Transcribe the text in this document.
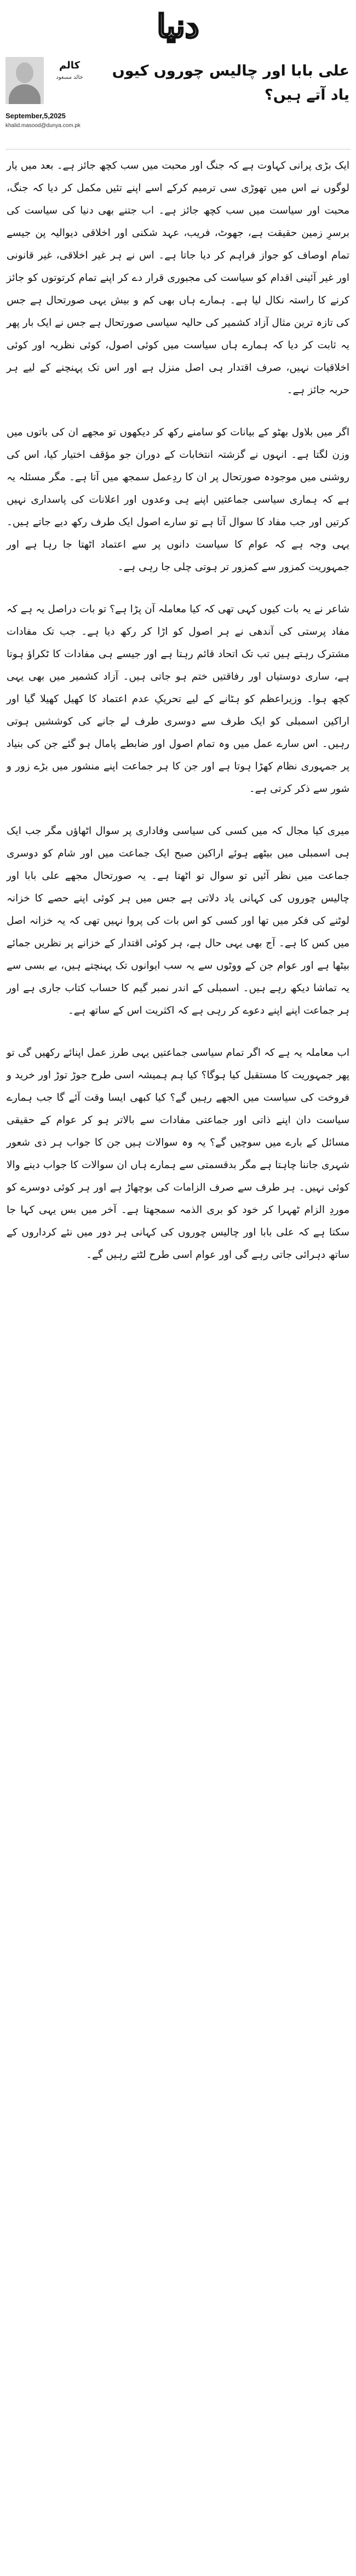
دنیا
کالم
خالد مسعود
September,5,2025
khalid.masood@dunya.com.pk
علی بابا اور چالیس چوروں کیوں یاد آتے ہیں؟

ایک بڑی پرانی کہاوت ہے کہ جنگ اور محبت میں سب کچھ جائز ہے۔ بعد میں یار لوگوں نے اس میں تھوڑی سی ترمیم کرکے اسے اپنے تئیں مکمل کر دیا کہ جنگ، محبت اور سیاست میں سب کچھ جائز ہے۔ اب جتنے بھی دنیا کی سیاست کی برسرِ زمین حقیقت ہے، جھوٹ، فریب، عہد شکنی اور اخلاقی دیوالیہ پن جیسے تمام اوصاف کو جواز فراہم کر دیا جاتا ہے۔ اس نے ہر غیر اخلاقی، غیر قانونی اور غیر آئینی اقدام کو سیاست کی مجبوری قرار دے کر اپنے تمام کرتوتوں کو جائز کرنے کا راستہ نکال لیا ہے۔ ہمارے ہاں بھی کم و بیش یہی صورتحال ہے جس کی تازہ ترین مثال آزاد کشمیر کی حالیہ سیاسی صورتحال ہے جس نے ایک بار پھر یہ ثابت کر دیا کہ ہمارے ہاں سیاست میں کوئی اصول، کوئی نظریہ اور کوئی اخلاقیات نہیں، صرف اقتدار ہی اصل منزل ہے اور اس تک پہنچنے کے لیے ہر حربہ جائز ہے۔

اگر میں بلاول بھٹو کے بیانات کو سامنے رکھ کر دیکھوں تو مجھے ان کی باتوں میں وزن لگتا ہے۔ انہوں نے گزشتہ انتخابات کے دوران جو مؤقف اختیار کیا، اس کی روشنی میں موجودہ صورتحال پر ان کا ردِعمل سمجھ میں آتا ہے۔ مگر مسئلہ یہ ہے کہ ہماری سیاسی جماعتیں اپنے ہی وعدوں اور اعلانات کی پاسداری نہیں کرتیں اور جب مفاد کا سوال آتا ہے تو سارے اصول ایک طرف رکھ دیے جاتے ہیں۔ یہی وجہ ہے کہ عوام کا سیاست دانوں پر سے اعتماد اٹھتا جا رہا ہے اور جمہوریت کمزور سے کمزور تر ہوتی چلی جا رہی ہے۔

شاعر نے یہ بات کیوں کہی تھی کہ کیا معاملہ آن پڑا ہے؟ تو بات دراصل یہ ہے کہ مفاد پرستی کی آندھی نے ہر اصول کو اڑا کر رکھ دیا ہے۔ جب تک مفادات مشترک رہتے ہیں تب تک اتحاد قائم رہتا ہے اور جیسے ہی مفادات کا ٹکراؤ ہوتا ہے، ساری دوستیاں اور رفاقتیں ختم ہو جاتی ہیں۔ آزاد کشمیر میں بھی یہی کچھ ہوا۔ وزیراعظم کو ہٹانے کے لیے تحریکِ عدم اعتماد کا کھیل کھیلا گیا اور اراکین اسمبلی کو ایک طرف سے دوسری طرف لے جانے کی کوششیں ہوتی رہیں۔ اس سارے عمل میں وہ تمام اصول اور ضابطے پامال ہو گئے جن کی بنیاد پر جمہوری نظام کھڑا ہوتا ہے اور جن کا ہر جماعت اپنے منشور میں بڑے زور و شور سے ذکر کرتی ہے۔

میری کیا مجال کہ میں کسی کی سیاسی وفاداری پر سوال اٹھاؤں مگر جب ایک ہی اسمبلی میں بیٹھے ہوئے اراکین صبح ایک جماعت میں اور شام کو دوسری جماعت میں نظر آئیں تو سوال تو اٹھتا ہے۔ یہ صورتحال مجھے علی بابا اور چالیس چوروں کی کہانی یاد دلاتی ہے جس میں ہر کوئی اپنے حصے کا خزانہ لوٹنے کی فکر میں تھا اور کسی کو اس بات کی پروا نہیں تھی کہ یہ خزانہ اصل میں کس کا ہے۔ آج بھی یہی حال ہے، ہر کوئی اقتدار کے خزانے پر نظریں جمائے بیٹھا ہے اور عوام جن کے ووٹوں سے یہ سب ایوانوں تک پہنچتے ہیں، بے بسی سے یہ تماشا دیکھ رہے ہیں۔ اسمبلی کے اندر نمبر گیم کا حساب کتاب جاری ہے اور ہر جماعت اپنے اپنے دعوے کر رہی ہے کہ اکثریت اس کے ساتھ ہے۔

اب معاملہ یہ ہے کہ اگر تمام سیاسی جماعتیں یہی طرز عمل اپنائے رکھیں گی تو پھر جمہوریت کا مستقبل کیا ہوگا؟ کیا ہم ہمیشہ اسی طرح جوڑ توڑ اور خرید و فروخت کی سیاست میں الجھے رہیں گے؟ کیا کبھی ایسا وقت آئے گا جب ہمارے سیاست دان اپنے ذاتی اور جماعتی مفادات سے بالاتر ہو کر عوام کے حقیقی مسائل کے بارے میں سوچیں گے؟ یہ وہ سوالات ہیں جن کا جواب ہر ذی شعور شہری جاننا چاہتا ہے مگر بدقسمتی سے ہمارے ہاں ان سوالات کا جواب دینے والا کوئی نہیں۔ ہر طرف سے صرف الزامات کی بوچھاڑ ہے اور ہر کوئی دوسرے کو موردِ الزام ٹھہرا کر خود کو بری الذمہ سمجھتا ہے۔ آخر میں بس یہی کہا جا سکتا ہے کہ علی بابا اور چالیس چوروں کی کہانی ہر دور میں نئے کرداروں کے ساتھ دہرائی جاتی رہے گی اور عوام اسی طرح لٹتے رہیں گے۔
